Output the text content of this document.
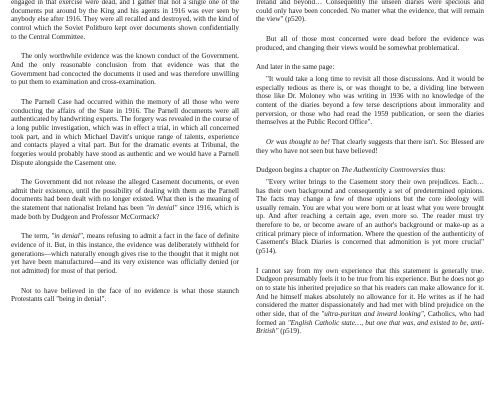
engaged in that exercise were dead, and I gather that not a single one of the documents put around by the King and his agents in 1916 was ever seen by anybody else after 1916. They were all recalled and destroyed, with the kind of control which the Soviet Politburo kept over documents shown confidentially to the Central Committee.

The only worthwhile evidence was the known conduct of the Government. And the only reasonable conclusion from that evidence was that the Government had concocted the documents it used and was therefore unwilling to put them to examination and cross-examination.

The Parnell Case had occurred within the memory of all those who were conducting the affairs of the State in 1916. The Parnell documents were all authenticated by handwriting experts. The forgery was revealed in the course of a long public investigation, which was in effect a trial, in which all concerned took part, and in which Michael Davitt's unique range of talents, experience and contacts played a vital part. But for the dramatic events at Tribunal, the forgeries would probably have stood as authentic and we would have a Parnell Dispute alongside the Casement one.

The Government did not release the alleged Casement documents, or even admit their existence, until the possibility of dealing with them as the Parnell documents had been dealt with no longer existed. What then is the meaning of the statement that nationalist Ireland has been "in denial" since 1916, which is made both by Dudgeon and Professor McCormack?

The term, "in denial", means refusing to admit a fact in the face of definite evidence of it. But, in this instance, the evidence was deliberately withheld for generations—which naturally enough gives rise to the thought that it might not yet have been manufactured—and its very existence was officially denied (or not admitted) for most of that period.

Not to have believed in the face of no evidence is what those staunch Protestants call "being in denial".

Ireland and beyond… Consequently the unseen diaries were specious and could only have been conceded. No matter what the evidence, that will remain the view" (p520).

But all of those most concerned were dead before the evidence was produced, and changing their views would be somewhat problematical.

And later in the same page:

"It would take a long time to revisit all those discussions. And it would be especially tedious as there is, or was thought to be, a dividing line between those like Dr. Moloney who was writing in 1936 with no knowledge of the content of the diaries beyond a few terse descriptions about immorality and perversion, or those who had read the 1959 publication, or seen the diaries themselves at the Public Record Office".

Or was thought to be! That clearly suggests that there isn't. So: Blessed are they who have not seen but have believed!

Dudgeon begins a chapter on The Authenticity Controversies thus:

"Every writer brings to the Casement story their own prejudices. Each… has their own background and consequently a set of predetermined opinions. The facts may change a few of those opinions but the core ideology will usually remain. You are what you were born or at least what you were brought up. And after reaching a certain age, even more so. The reader must try therefore to be, or become aware of an author's background or make-up as a critical primary piece of information. Where the question of the authenticity of Casement's Black Diaries is concerned that admonition is yet more crucial" (p514).

I cannot say from my own experience that this statement is generally true. Dudgeon presumably feels it to be true from his experience. But he does not go on to state his inherited prejudice so that his readers can make allowance for it. And he himself makes absolutely no allowance for it. He writes as if he had considered the matter dispassionately and had met with blind prejudice on the other side, that of the "ultra-puritan and inward looking", Catholics, who had formed an "English Catholic state…, but one that was, and existed to be, anti-British" (p519).
